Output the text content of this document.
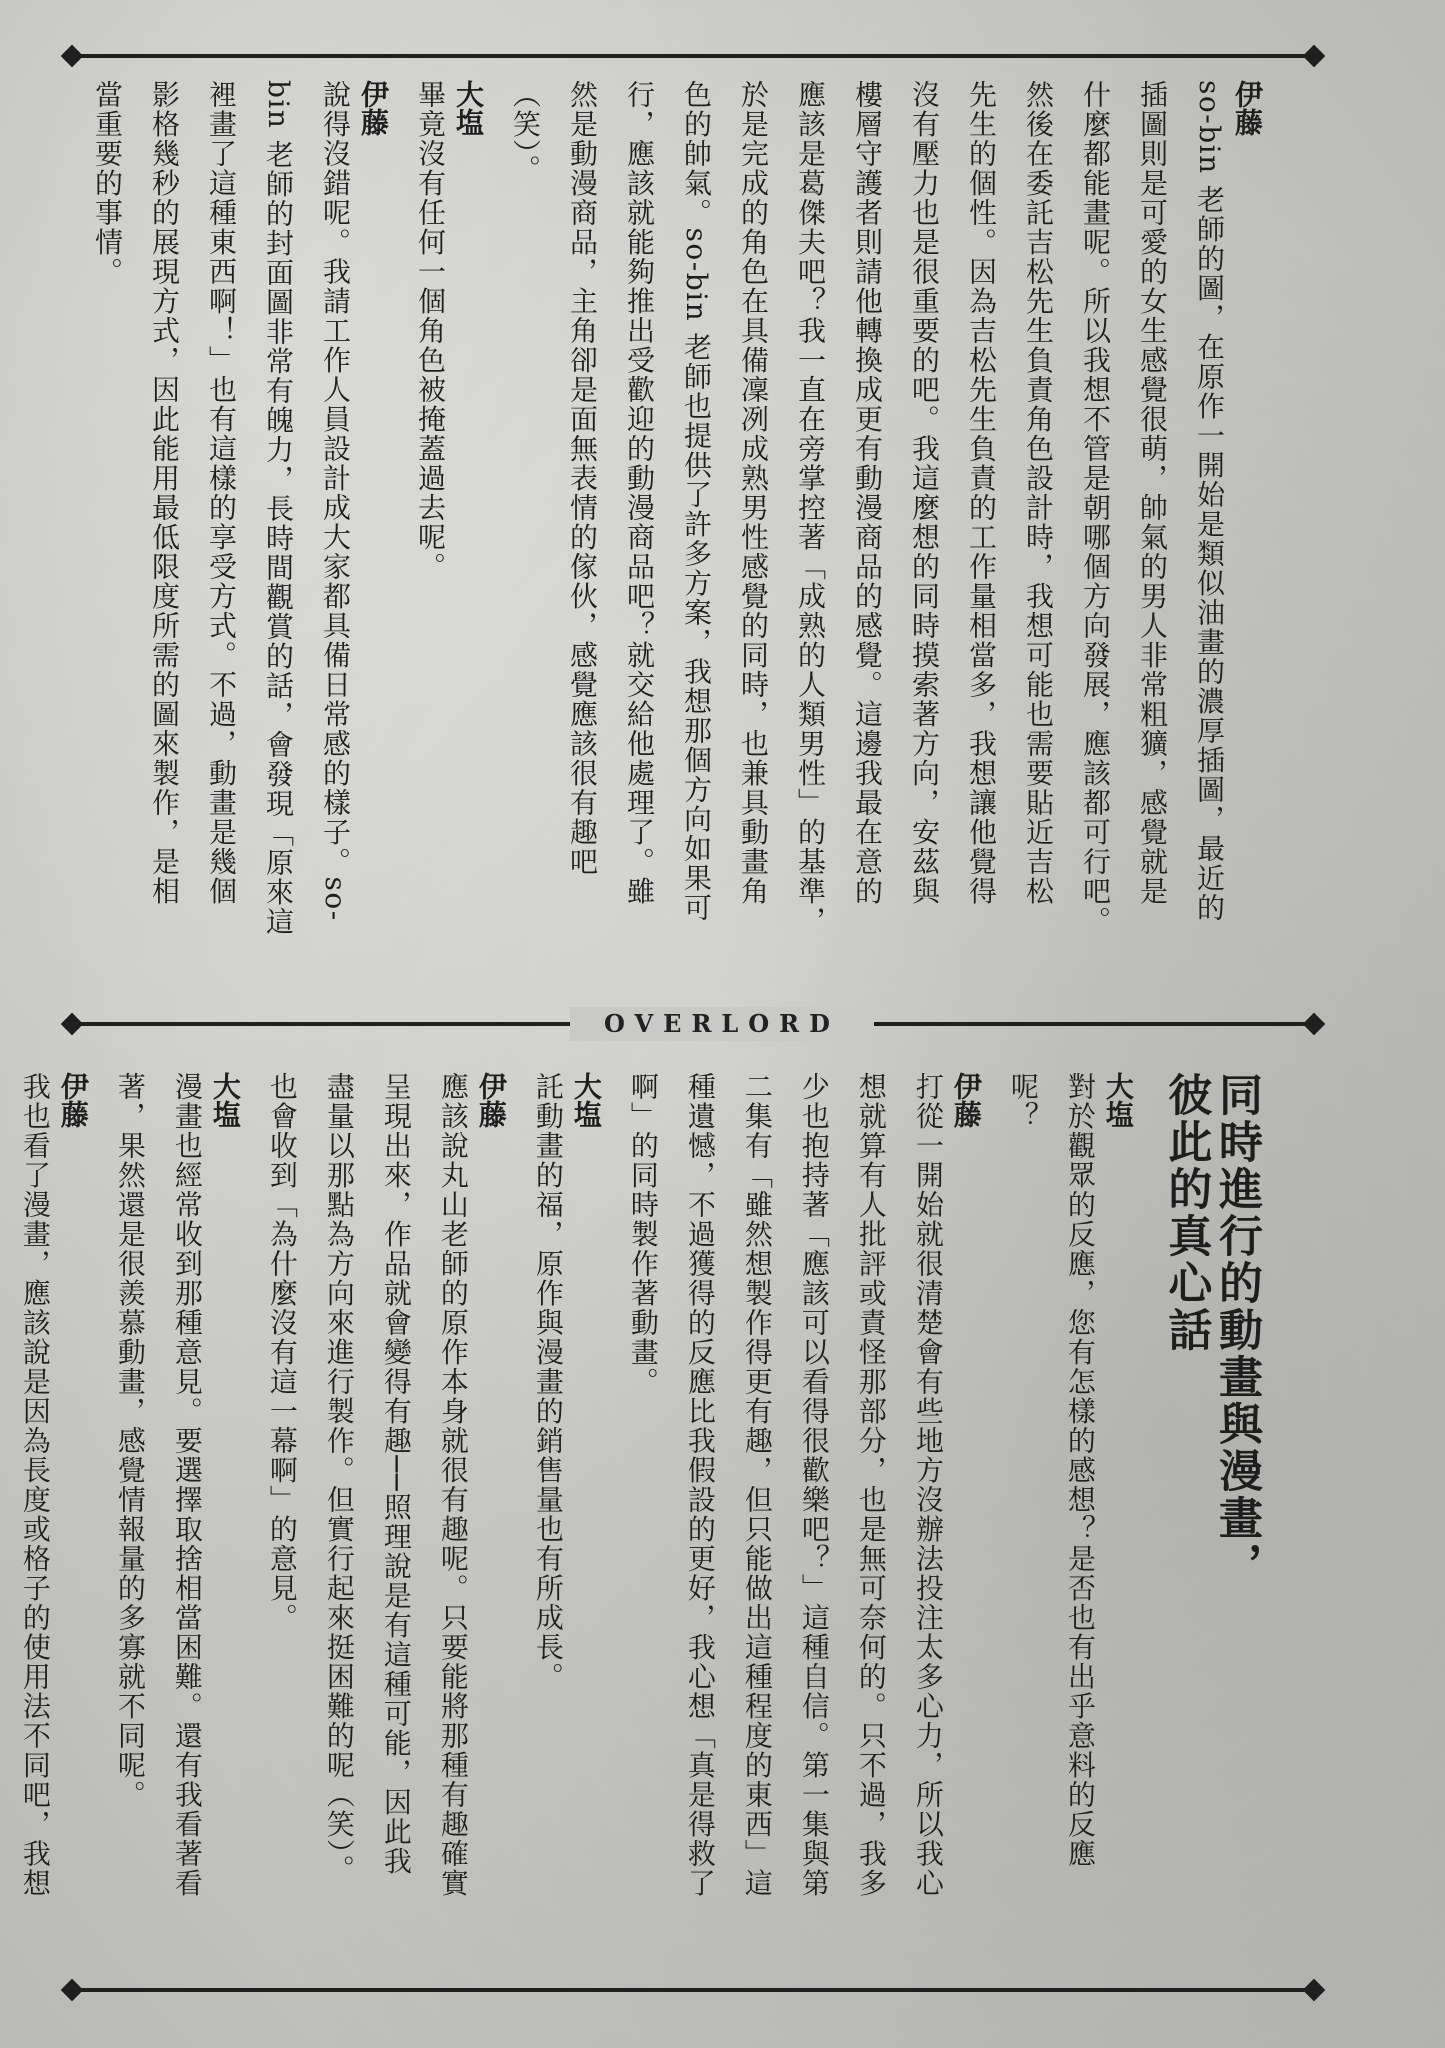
OVERLORD
伊藤
so-bin 老師的圖，在原作一開始是類似油畫的濃厚插圖，最近的
插圖則是可愛的女生感覺很萌，帥氣的男人非常粗獷，感覺就是
什麼都能畫呢。所以我想不管是朝哪個方向發展，應該都可行吧。
然後在委託吉松先生負責角色設計時，我想可能也需要貼近吉松
先生的個性。因為吉松先生負責的工作量相當多，我想讓他覺得
沒有壓力也是很重要的吧。我這麼想的同時摸索著方向，安茲與
樓層守護者則請他轉換成更有動漫商品的感覺。這邊我最在意的
應該是葛傑夫吧？我一直在旁掌控著「成熟的人類男性」的基準，
於是完成的角色在具備凜冽成熟男性感覺的同時，也兼具動畫角
色的帥氣。so-bin 老師也提供了許多方案，我想那個方向如果可
行，應該就能夠推出受歡迎的動漫商品吧？就交給他處理了。雖
然是動漫商品，主角卻是面無表情的傢伙，感覺應該很有趣吧
（笑）。
大塩
畢竟沒有任何一個角色被掩蓋過去呢。
伊藤
說得沒錯呢。我請工作人員設計成大家都具備日常感的樣子。so-
bin 老師的封面圖非常有魄力，長時間觀賞的話，會發現「原來這
裡畫了這種東西啊！」也有這樣的享受方式。不過，動畫是幾個
影格幾秒的展現方式，因此能用最低限度所需的圖來製作，是相
當重要的事情。
同時進行的動畫與漫畫，
彼此的真心話
大塩
對於觀眾的反應，您有怎樣的感想？是否也有出乎意料的反應
呢？
伊藤
打從一開始就很清楚會有些地方沒辦法投注太多心力，所以我心
想就算有人批評或責怪那部分，也是無可奈何的。只不過，我多
少也抱持著「應該可以看得很歡樂吧？」這種自信。第一集與第
二集有「雖然想製作得更有趣，但只能做出這種程度的東西」這
種遺憾，不過獲得的反應比我假設的更好，我心想「真是得救了
啊」的同時製作著動畫。
大塩
託動畫的福，原作與漫畫的銷售量也有所成長。
伊藤
應該說丸山老師的原作本身就很有趣呢。只要能將那種有趣確實
呈現出來，作品就會變得有趣──照理說是有這種可能，因此我
盡量以那點為方向來進行製作。但實行起來挺困難的呢（笑）。
也會收到「為什麼沒有這一幕啊」的意見。
大塩
漫畫也經常收到那種意見。要選擇取捨相當困難。還有我看著看
著，果然還是很羨慕動畫，感覺情報量的多寡就不同呢。
伊藤
我也看了漫畫，應該說是因為長度或格子的使用法不同吧，我想
